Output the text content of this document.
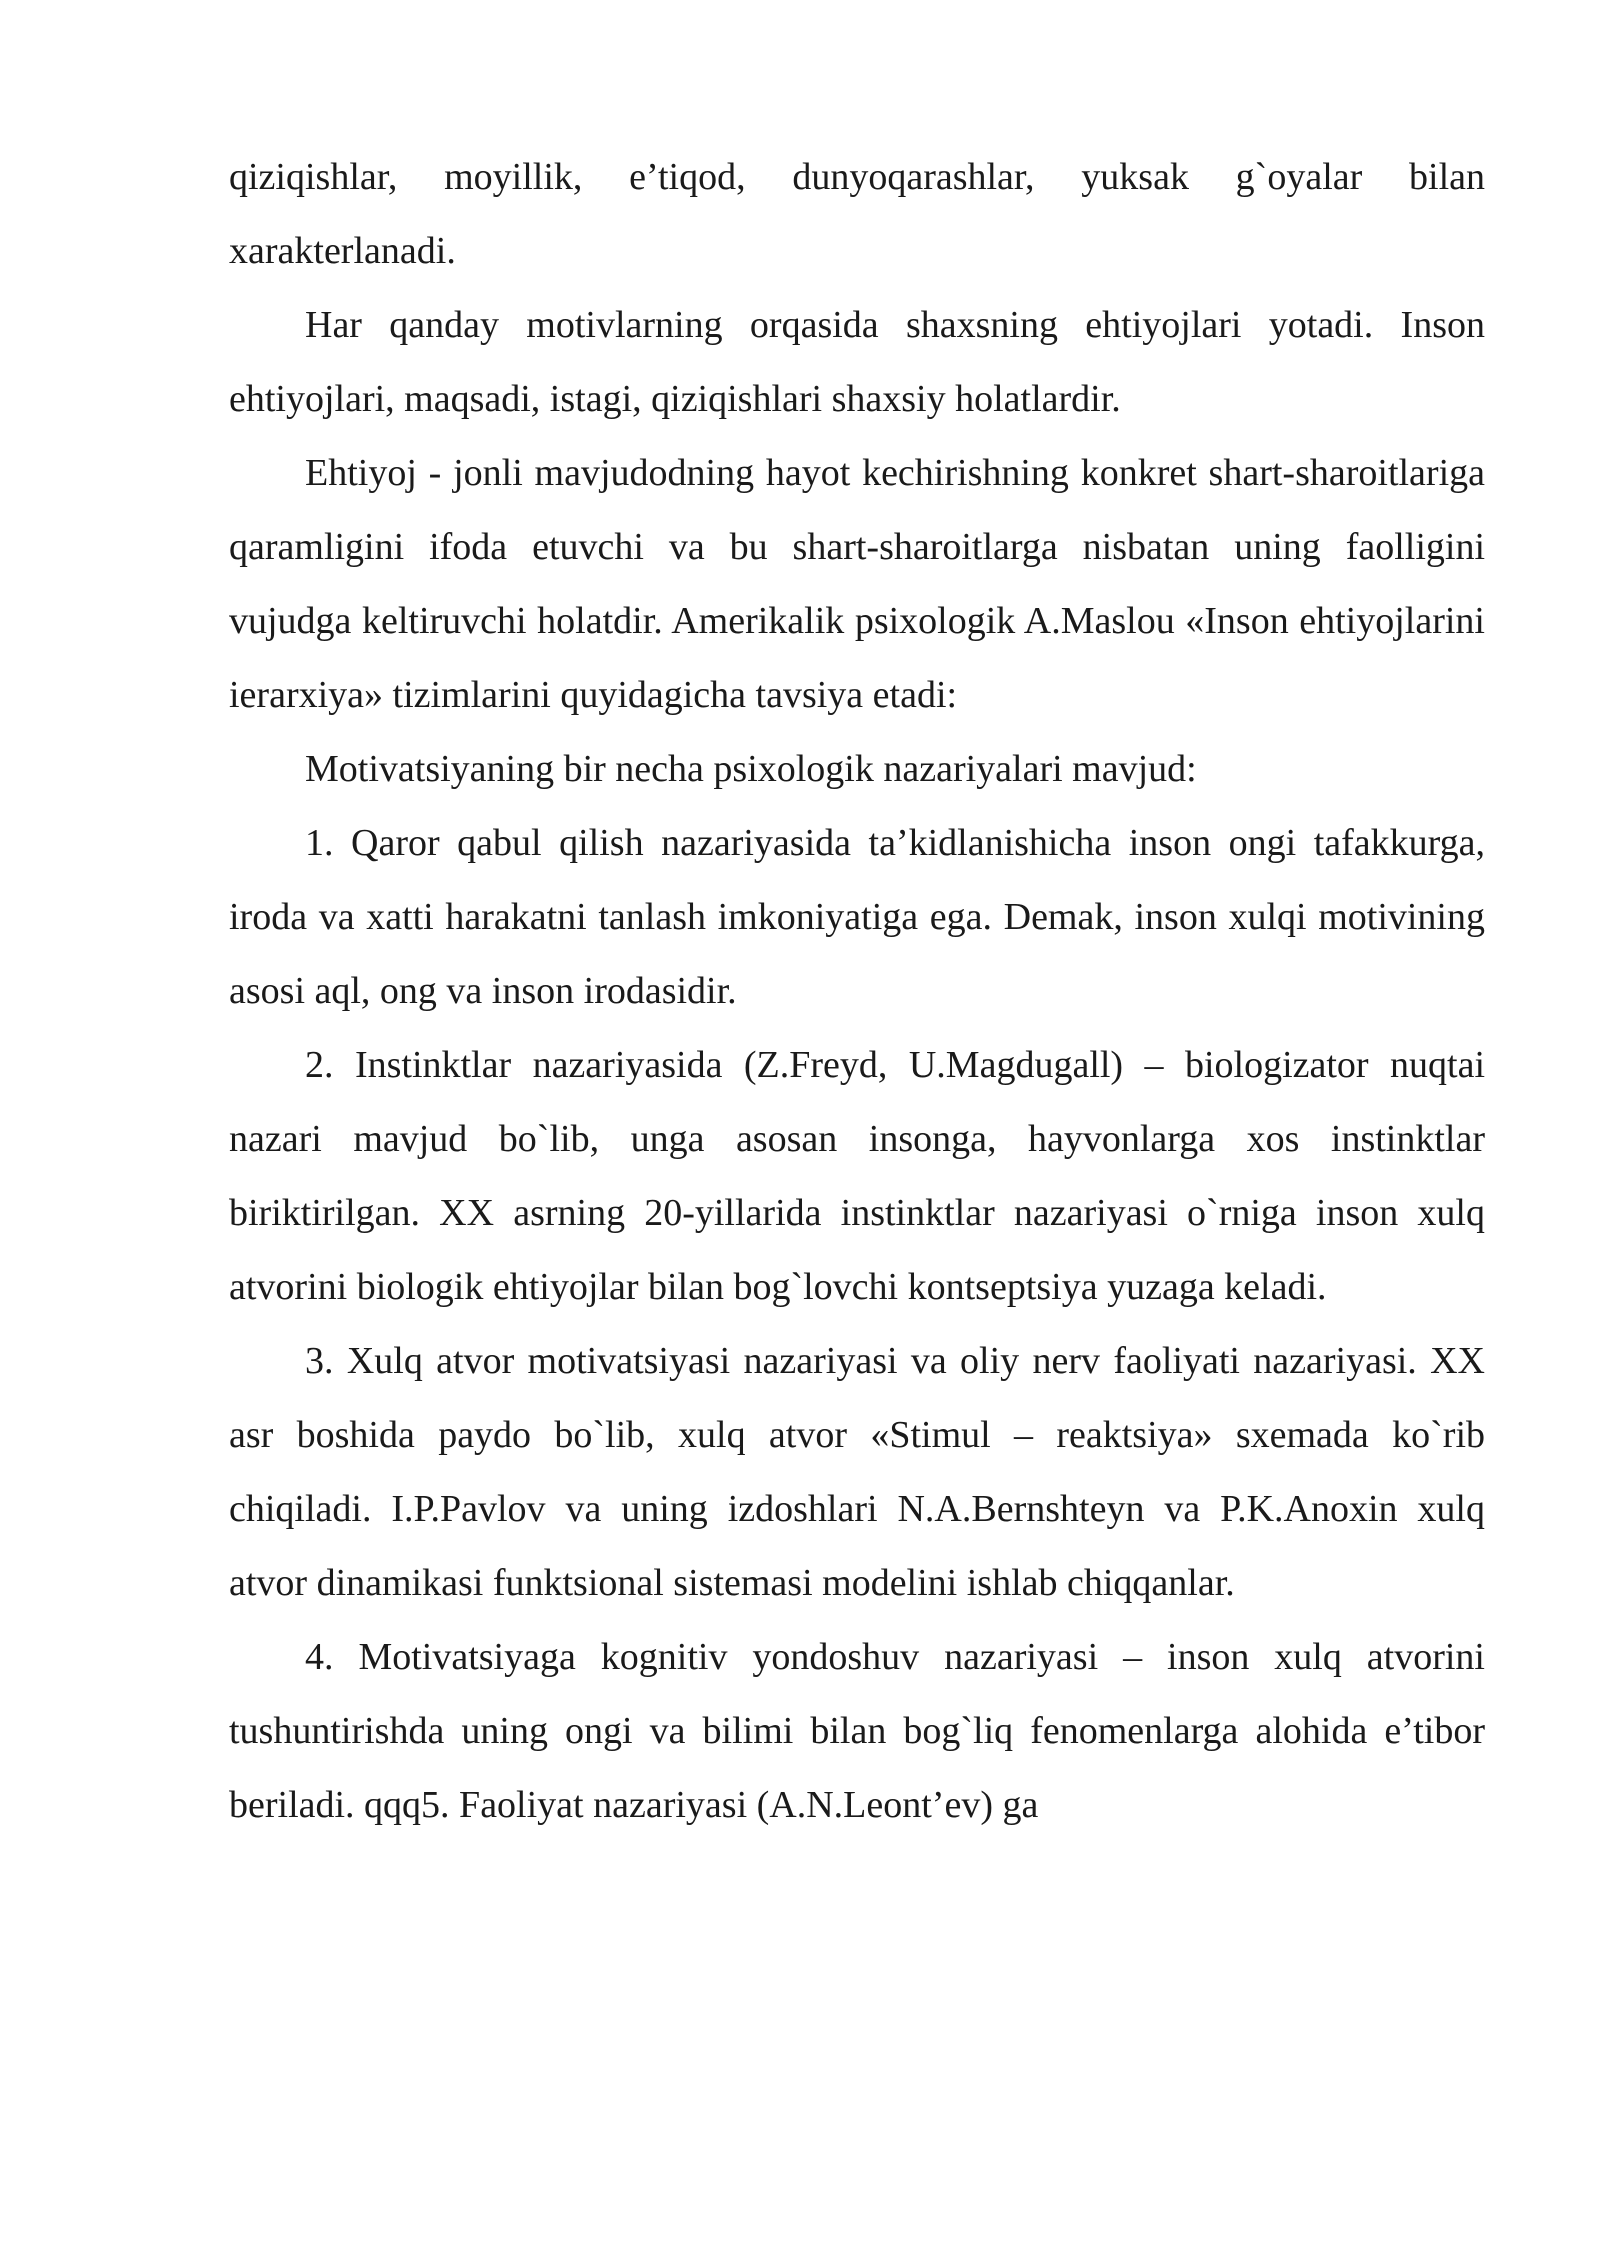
qiziqishlar, moyillik, e’tiqod, dunyoqarashlar, yuksak g`oyalar bilan xarakterlanadi.

Har qanday motivlarning orqasida shaxsning ehtiyojlari yotadi. Inson ehtiyojlari, maqsadi, istagi, qiziqishlari shaxsiy holatlardir.

Ehtiyoj - jonli mavjudodning hayot kechirishning konkret shart-sharoitlariga qaramligini ifoda etuvchi va bu shart-sharoitlarga nisbatan uning faolligini vujudga keltiruvchi holatdir. Amerikalik psixologik A.Maslou «Inson ehtiyojlarini ierarxiya» tizimlarini quyidagicha tavsiya etadi:

Motivatsiyaning bir necha psixologik nazariyalari mavjud:

1. Qaror qabul qilish nazariyasida ta’kidlanishicha inson ongi tafakkurga, iroda va xatti harakatni tanlash imkoniyatiga ega. Demak, inson xulqi motivining asosi aql, ong va inson irodasidir.

2. Instinktlar nazariyasida (Z.Freyd, U.Magdugall) – biologizator nuqtai nazari mavjud bo`lib, unga asosan insonga, hayvonlarga xos instinktlar biriktirilgan. XX asrning 20-yillarida instinktlar nazariyasi o`rniga inson xulq atvorini biologik ehtiyojlar bilan bog`lovchi kontseptsiya yuzaga keladi.

3. Xulq atvor motivatsiyasi nazariyasi va oliy nerv faoliyati nazariyasi. XX asr boshida paydo bo`lib, xulq atvor «Stimul – reaktsiya» sxemada ko`rib chiqiladi. I.P.Pavlov va uning izdoshlari N.A.Bernshteyn va P.K.Anoxin xulq atvor dinamikasi funktsional sistemasi modelini ishlab chiqqanlar.

4. Motivatsiyaga kognitiv yondoshuv nazariyasi – inson xulq atvorini tushuntirishda uning ongi va bilimi bilan bog`liq fenomenlarga alohida e’tibor beriladi. qqq5. Faoliyat nazariyasi (A.N.Leont’ev) ga
